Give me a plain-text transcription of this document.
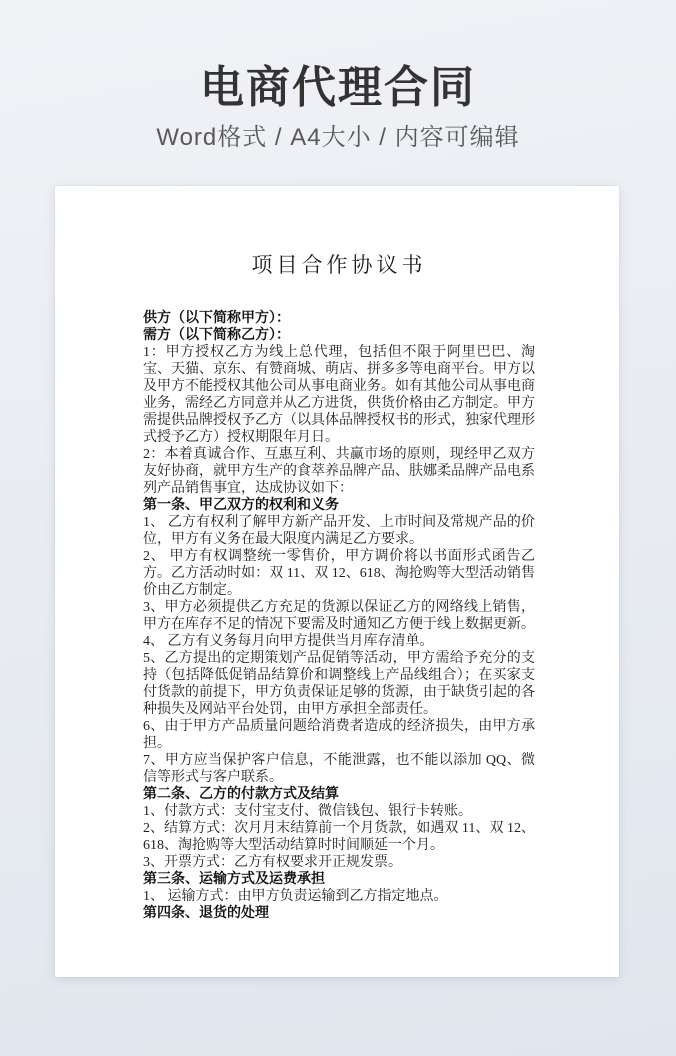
电商代理合同
Word格式 / A4大小 / 内容可编辑
项目合作协议书

供方（以下简称甲方）：

需方（以下简称乙方）：

1：甲方授权乙方为线上总代理，包括但不限于阿里巴巴、淘宝、天猫、京东、有赞商城、萌店、拼多多等电商平台。甲方以及甲方不能授权其他公司从事电商业务。如有其他公司从事电商业务，需经乙方同意并从乙方进货，供货价格由乙方制定。甲方需提供品牌授权予乙方（以具体品牌授权书的形式，独家代理形式授予乙方）授权期限年月日。

2：本着真诚合作、互惠互利、共赢市场的原则，现经甲乙双方友好协商，就甲方生产的食萃养品牌产品、肤娜柔品牌产品电系列产品销售事宜，达成协议如下：

第一条、甲乙双方的权利和义务

1、 乙方有权利了解甲方新产品开发、上市时间及常规产品的价位，甲方有义务在最大限度内满足乙方要求。

2、 甲方有权调整统一零售价，甲方调价将以书面形式函告乙方。乙方活动时如：双 11、双 12、618、淘抢购等大型活动销售价由乙方制定。

3、甲方必须提供乙方充足的货源以保证乙方的网络线上销售，甲方在库存不足的情况下要需及时通知乙方便于线上数据更新。

4、 乙方有义务每月向甲方提供当月库存清单。

5、乙方提出的定期策划产品促销等活动，甲方需给予充分的支持（包括降低促销品结算价和调整线上产品线组合）；在买家支付货款的前提下，甲方负责保证足够的货源，由于缺货引起的各种损失及网站平台处罚，由甲方承担全部责任。

6、由于甲方产品质量问题给消费者造成的经济损失，由甲方承担。

7、甲方应当保护客户信息，不能泄露，也不能以添加 QQ、微信等形式与客户联系。

第二条、乙方的付款方式及结算

1、付款方式：支付宝支付、微信钱包、银行卡转账。

2、结算方式：次月月末结算前一个月货款，如遇双 11、双 12、618、淘抢购等大型活动结算时时间顺延一个月。

3、开票方式：乙方有权要求开正规发票。

第三条、运输方式及运费承担

1、 运输方式：由甲方负责运输到乙方指定地点。

第四条、退货的处理
